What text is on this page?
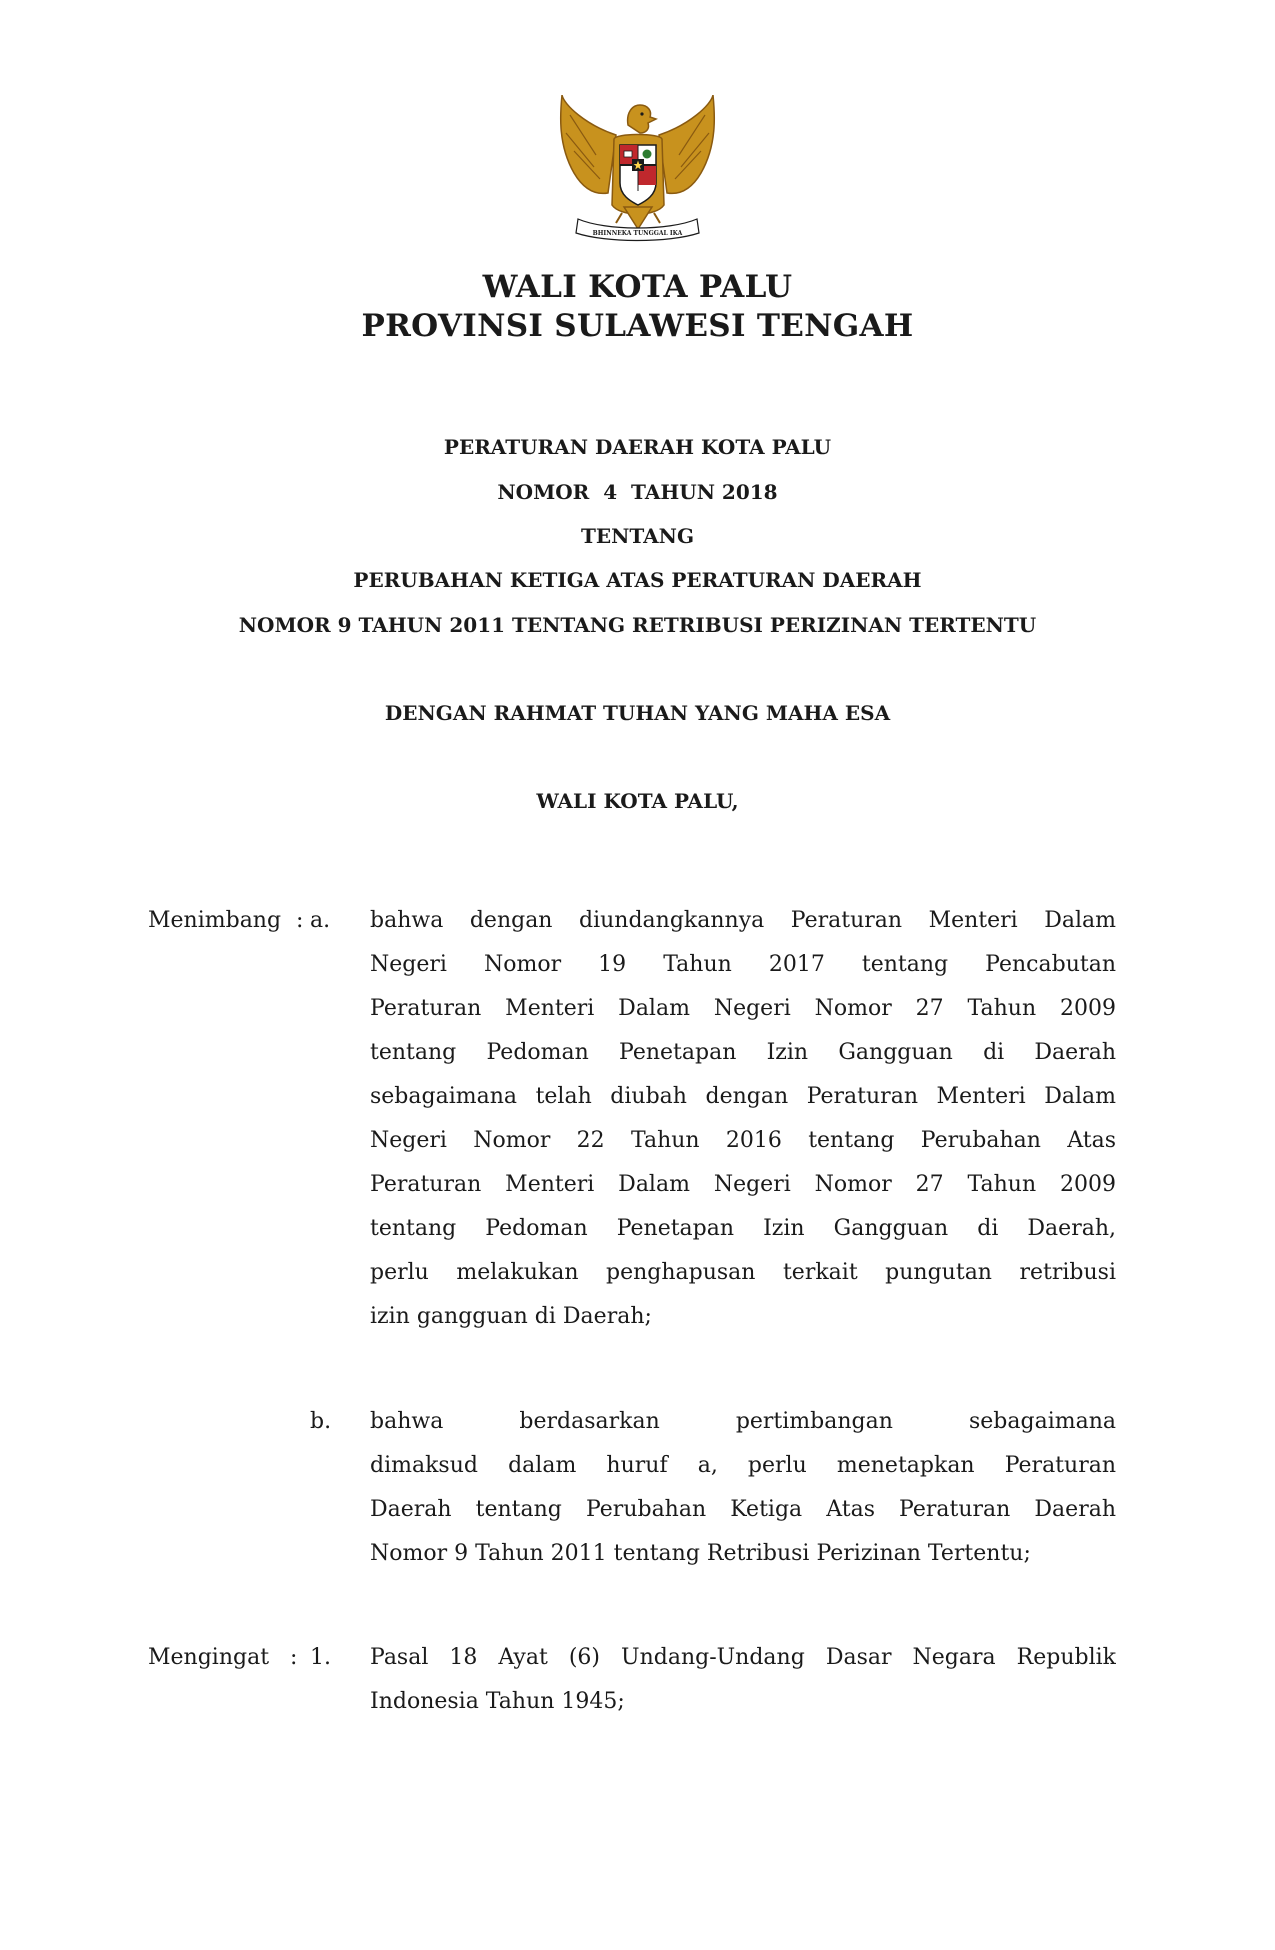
BHINNEKA TUNGGAL IKA
WALI KOTA PALU
PROVINSI SULAWESI TENGAH
PERATURAN DAERAH KOTA PALU
NOMOR  4  TAHUN 2018
TENTANG
PERUBAHAN KETIGA ATAS PERATURAN DAERAH
NOMOR 9 TAHUN 2011 TENTANG RETRIBUSI PERIZINAN TERTENTU
DENGAN RAHMAT TUHAN YANG MAHA ESA
WALI KOTA PALU,
Menimbang : a. bahwa dengan diundangkannya Peraturan Menteri Dalam
Negeri Nomor 19 Tahun 2017 tentang Pencabutan
Peraturan Menteri Dalam Negeri Nomor 27 Tahun 2009
tentang Pedoman Penetapan Izin Gangguan di Daerah
sebagaimana telah diubah dengan Peraturan Menteri Dalam
Negeri Nomor 22 Tahun 2016 tentang Perubahan Atas
Peraturan Menteri Dalam Negeri Nomor 27 Tahun 2009
tentang Pedoman Penetapan Izin Gangguan di Daerah,
perlu melakukan penghapusan terkait pungutan retribusi
izin gangguan di Daerah;
b. bahwa berdasarkan pertimbangan sebagaimana
dimaksud dalam huruf a, perlu menetapkan Peraturan
Daerah tentang Perubahan Ketiga Atas Peraturan Daerah
Nomor 9 Tahun 2011 tentang Retribusi Perizinan Tertentu;
Mengingat : 1. Pasal 18 Ayat (6) Undang-Undang Dasar Negara Republik
Indonesia Tahun 1945;
